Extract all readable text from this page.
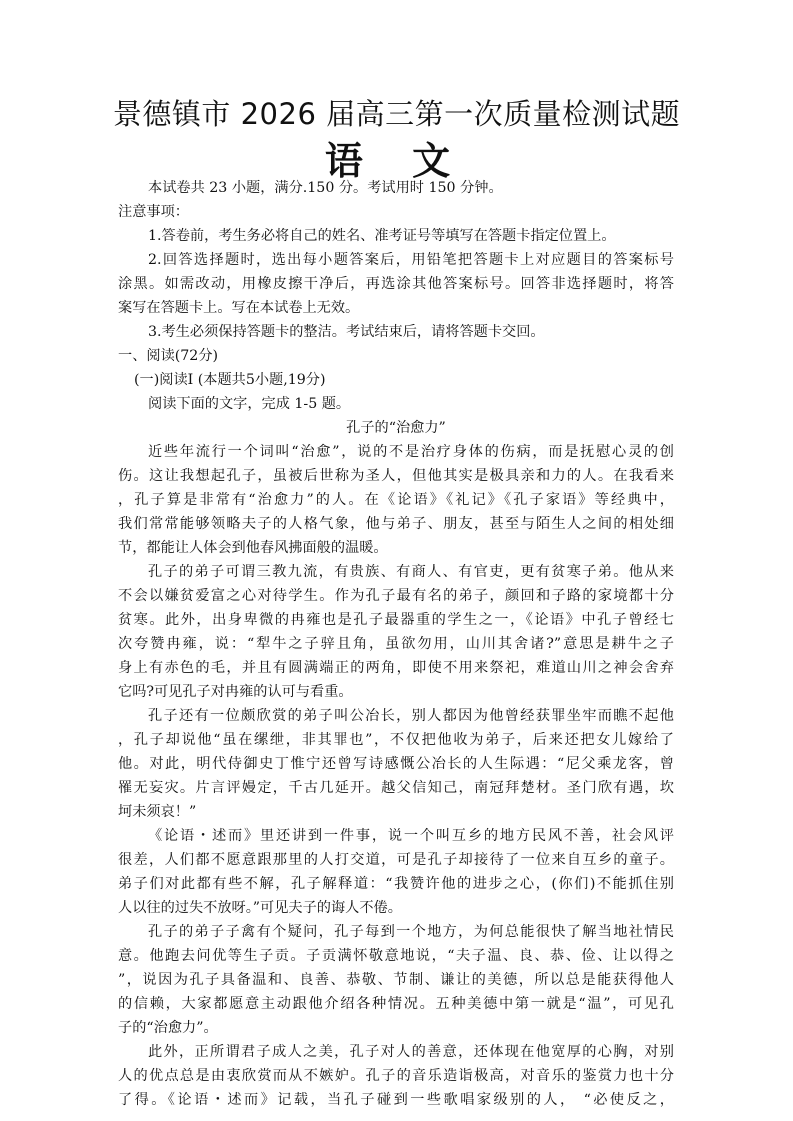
景德镇市 2026 届高三第一次质量检测试题
语 文
本试卷共 23 小题，满分.150 分。考试用时 150 分钟。
注意事项：
1.答卷前，考生务必将自己的姓名、准考证号等填写在答题卡指定位置上。
2.回答选择题时，选出每小题答案后，用铅笔把答题卡上对应题目的答案标号
涂黑。如需改动，用橡皮擦干净后，再选涂其他答案标号。回答非选择题时，将答
案写在答题卡上。写在本试卷上无效。
3.考生必须保持答题卡的整洁。考试结束后，请将答题卡交回。
一、阅读(72分)
(一)阅读Ⅰ (本题共5小题,19分)
阅读下面的文字，完成 1-5 题。
孔子的“治愈力”
近些年流行一个词叫“治愈”，说的不是治疗身体的伤病，而是抚慰心灵的创
伤。这让我想起孔子，虽被后世称为圣人，但他其实是极具亲和力的人。在我看来
，孔子算是非常有“治愈力”的人。在《论语》《礼记》《孔子家语》等经典中，
我们常常能够领略夫子的人格气象，他与弟子、朋友，甚至与陌生人之间的相处细
节，都能让人体会到他春风拂面般的温暖。
孔子的弟子可谓三教九流，有贵族、有商人、有官吏，更有贫寒子弟。他从来
不会以嫌贫爱富之心对待学生。作为孔子最有名的弟子，颜回和子路的家境都十分
贫寒。此外，出身卑微的冉雍也是孔子最器重的学生之一，《论语》中孔子曾经七
次夸赞冉雍，说：“犁牛之子骍且角，虽欲勿用，山川其舍诸?”意思是耕牛之子
身上有赤色的毛，并且有圆满端正的两角，即使不用来祭祀，难道山川之神会舍弃
它吗?可见孔子对冉雍的认可与看重。
孔子还有一位颇欣赏的弟子叫公冶长，别人都因为他曾经获罪坐牢而瞧不起他
，孔子却说他“虽在缧绁，非其罪也”，不仅把他收为弟子，后来还把女儿嫁给了
他。对此，明代侍御史丁惟宁还曾写诗感慨公冶长的人生际遇：“尼父乘龙客，曾
罹无妄灾。片言评嫚定，千古几延开。越父信知己，南冠拜楚材。圣门欣有遇，坎
坷未须哀！”
《论语・述而》里还讲到一件事，说一个叫互乡的地方民风不善，社会风评
很差，人们都不愿意跟那里的人打交道，可是孔子却接待了一位来自互乡的童子。
弟子们对此都有些不解，孔子解释道：“我赞许他的进步之心，(你们)不能抓住别
人以往的过失不放呀。”可见夫子的诲人不倦。
孔子的弟子子禽有个疑问，孔子每到一个地方，为何总能很快了解当地社情民
意。他跑去问优等生子贡。子贡满怀敬意地说，“夫子温、良、恭、俭、让以得之
”，说因为孔子具备温和、良善、恭敬、节制、谦让的美德，所以总是能获得他人
的信赖，大家都愿意主动跟他介绍各种情况。五种美德中第一就是“温”，可见孔
子的“治愈力”。
此外，正所谓君子成人之美，孔子对人的善意，还体现在他宽厚的心胸，对别
人的优点总是由衷欣赏而从不嫉妒。孔子的音乐造诣极高，对音乐的鉴赏力也十分
了得。《论语・述而》记载，当孔子碰到一些歌唱家级别的人， “必使反之，
